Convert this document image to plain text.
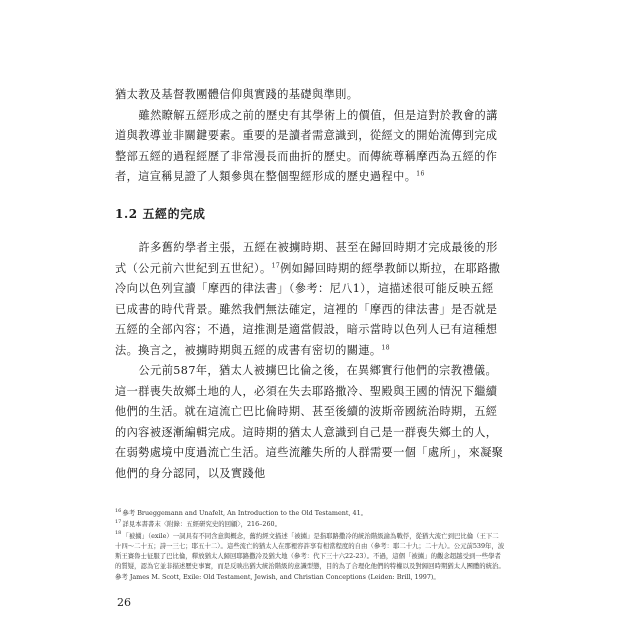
猶太教及基督教團體信仰與實踐的基礎與準則。

雖然瞭解五經形成之前的歷史有其學術上的價值，但是這對於教會的講道與教導並非關鍵要素。重要的是讀者需意識到，從經文的開始流傳到完成整部五經的過程經歷了非常漫長而曲折的歷史。而傳統尊稱摩西為五經的作者，這宣稱見證了人類參與在整個聖經形成的歷史過程中。$^{16}$

1.2 五經的完成

許多舊約學者主張，五經在被擄時期、甚至在歸回時期才完成最後的形式（公元前六世紀到五世紀）。$^{17}$例如歸回時期的經學教師以斯拉，在耶路撒冷向以色列宣讀「摩西的律法書」（參考：尼八1），這描述很可能反映五經已成書的時代背景。雖然我們無法確定，這裡的「摩西的律法書」是否就是五經的全部內容；不過，這推測是適當假設，暗示當時以色列人已有這種想法。換言之，被擄時期與五經的成書有密切的關連。$^{18}$

公元前587年，猶太人被擄巴比倫之後，在異鄉實行他們的宗教禮儀。這一群喪失故鄉土地的人，必須在失去耶路撒冷、聖殿與王國的情況下繼續他們的生活。就在這流亡巴比倫時期、甚至後續的波斯帝國統治時期，五經的內容被逐漸編輯完成。這時期的猶太人意識到自己是一群喪失鄉土的人，在弱勢處境中度過流亡生活。這些流離失所的人群需要一個「處所」，來凝聚他們的身分認同，以及實踐他

$^{16}$參考 Brueggemann and Unafelt, An Introduction to the Old Testament, 41。
$^{17}$詳見本書書末〈附錄：五經研究史的回顧〉，216–260。
$^{18}$「被擄」（exile）一詞具有不同含意與概念，舊約經文描述「被擄」是指耶路撒冷的統治階級淪為戰俘，從猶大流亡到巴比倫（王下二十四～二十五；詩一三七；耶五十二）。這些流亡的猶太人在那裡容許享有相當程度的自由（參考：耶二十九；二十九）。公元前539年，波斯王賽魯士征服了巴比倫，釋放猶太人歸回耶路撒冷及猶大地（參考：代下三十六22-23）。不過，這個「被擄」的觀念超越受到一些學者的質疑，認為它並非描述歷史事實，而是反映出猶大統治階級的意識型態，目的為了合理化他們的特權以及對歸回時期猶太人團體的統治。參考 James M. Scott, Exile: Old Testament, Jewish, and Christian Conceptions (Leiden: Brill, 1997)。
26
